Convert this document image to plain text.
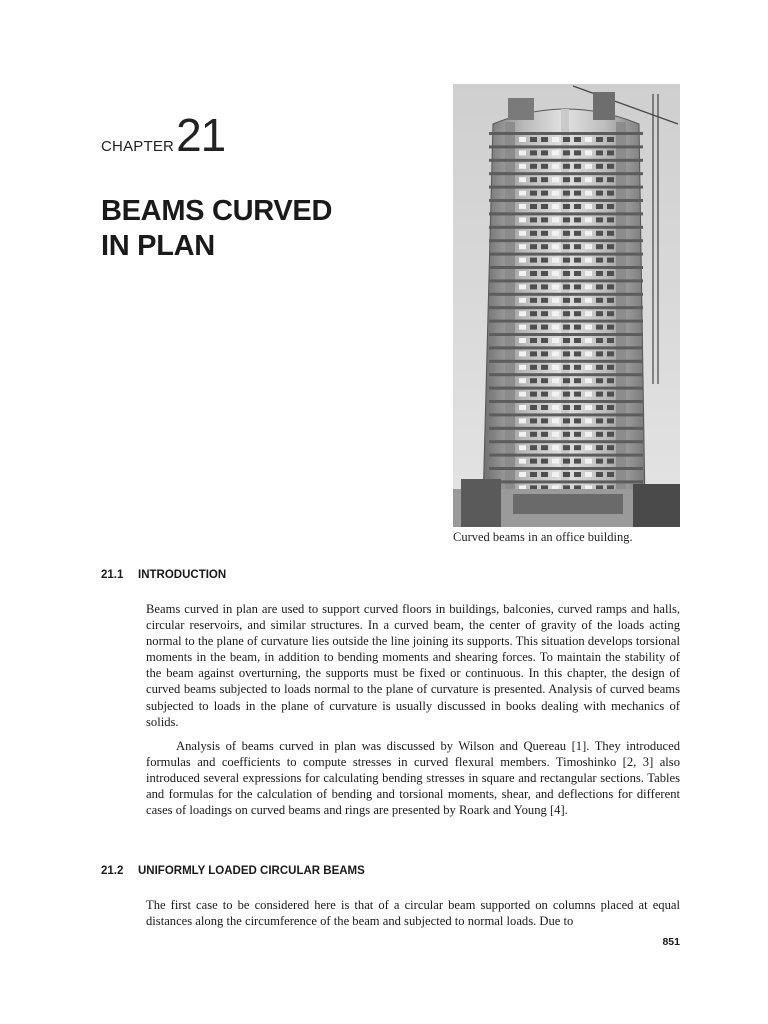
CHAPTER 21
BEAMS CURVED
IN PLAN
Curved beams in an office building.
21.1 INTRODUCTION

Beams curved in plan are used to support curved floors in buildings, balconies, curved ramps and halls, circular reservoirs, and similar structures. In a curved beam, the center of gravity of the loads acting normal to the plane of curvature lies outside the line joining its supports. This situation develops torsional moments in the beam, in addition to bending moments and shearing forces. To maintain the stability of the beam against overturning, the supports must be fixed or continuous. In this chapter, the design of curved beams subjected to loads normal to the plane of curvature is presented. Analysis of curved beams subjected to loads in the plane of curvature is usually discussed in books dealing with mechanics of solids.

Analysis of beams curved in plan was discussed by Wilson and Quereau [1]. They introduced formulas and coefficients to compute stresses in curved flexural members. Timoshinko [2, 3] also introduced several expressions for calculating bending stresses in square and rectangular sections. Tables and formulas for the calculation of bending and torsional moments, shear, and deflections for different cases of loadings on curved beams and rings are presented by Roark and Young [4].

21.2 UNIFORMLY LOADED CIRCULAR BEAMS

The first case to be considered here is that of a circular beam supported on columns placed at equal distances along the circumference of the beam and subjected to normal loads. Due to

851
